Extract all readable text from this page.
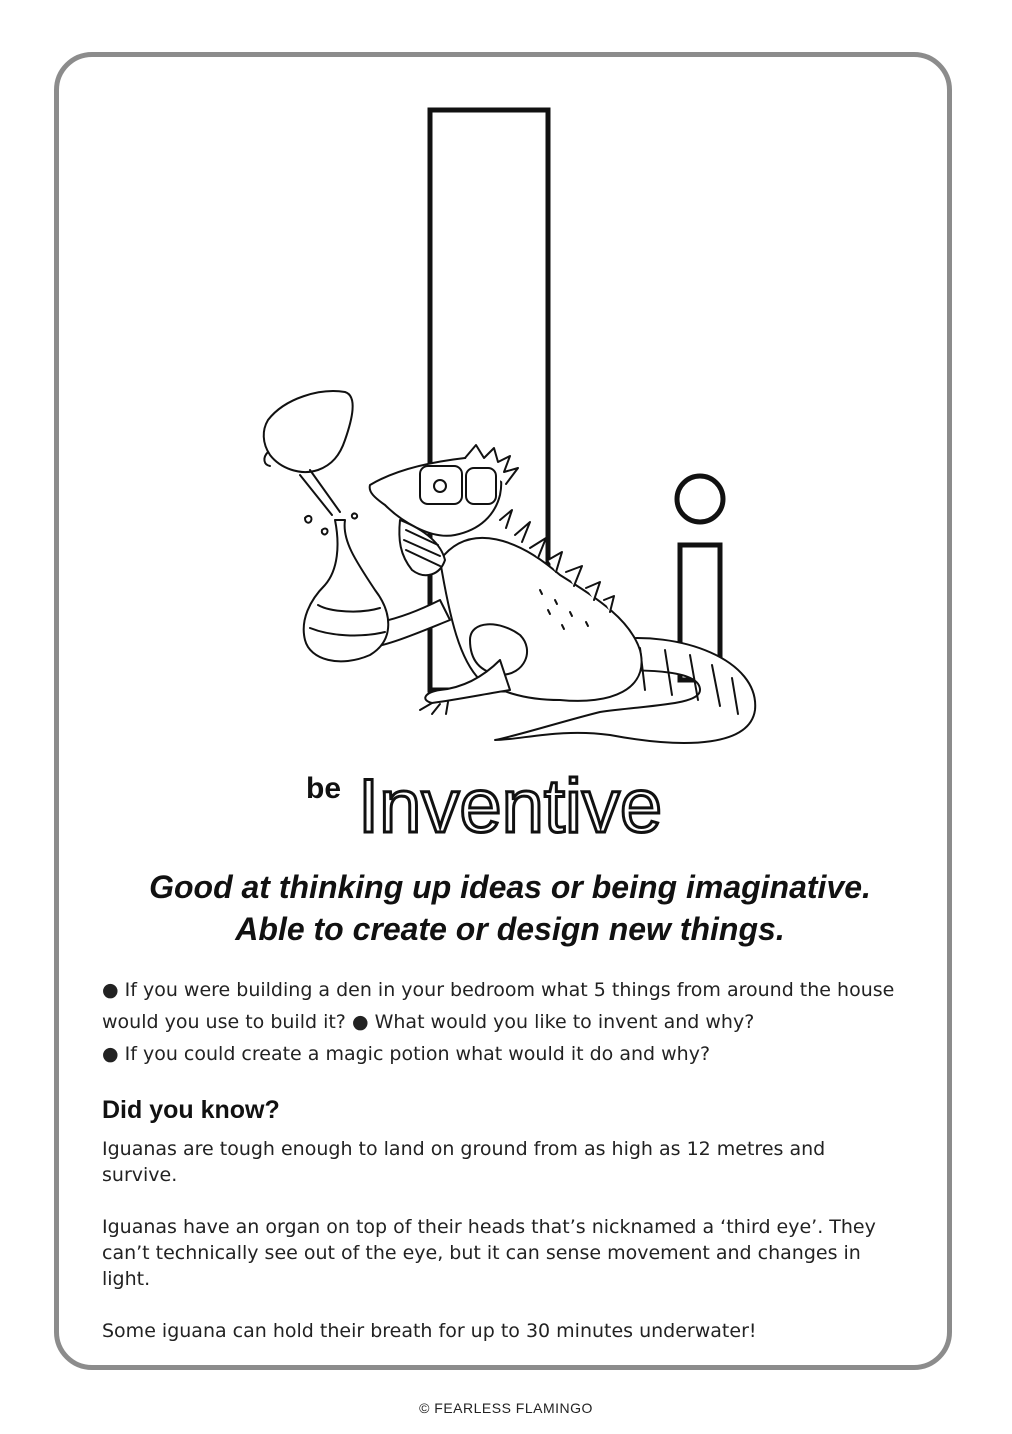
Inventive
be
Good at thinking up ideas or being imaginative.
Able to create or design new things.
● If you were building a den in your bedroom what 5 things from around the house would you use to build it? ● What would you like to invent and why?
● If you could create a magic potion what would it do and why?
Did you know?

Iguanas are tough enough to land on ground from as high as 12 metres and survive.

Iguanas have an organ on top of their heads that’s nicknamed a ‘third eye’. They can’t technically see out of the eye, but it can sense movement and changes in light.

Some iguana can hold their breath for up to 30 minutes underwater!

© FEARLESS FLAMINGO
